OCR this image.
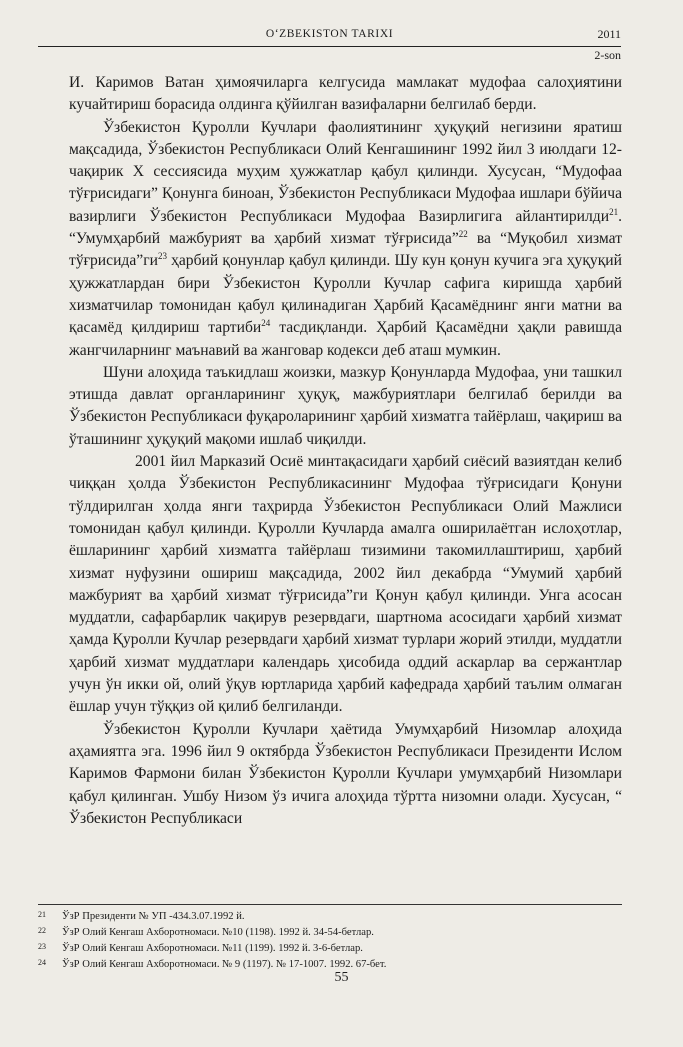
O‘ZBEKISTON TARIXI	2011
2-son

И. Каримов Ватан ҳимоячиларга келгусида мамлакат мудофаа салоҳиятини кучайтириш борасида олдинга қўйилган вазифаларни белгилаб берди.

Ўзбекистон Қуролли Кучлари фаолиятининг ҳуқуқий негизини яратиш мақсадида, Ўзбекистон Республикаси Олий Кенгашининг 1992 йил 3 июлдаги 12-чақирик X сессиясида муҳим ҳужжатлар қабул қилинди. Хусусан, “Мудофаа тўғрисидаги” Қонунга биноан, Ўзбекистон Республикаси Мудофаа ишлари бўйича вазирлиги Ўзбекистон Республикаси Мудофаа Вазирлигига айлантирилди$^{21}$. “Умумҳарбий мажбурият ва ҳарбий хизмат тўғрисида”$^{22}$ ва “Муқобил хизмат $тўғрисида”ги^{23}$ ҳарбий қонунлар қабул қилинди. Шу кун қонун кучига эга ҳуқуқий ҳужжатлардан бири Ўзбекистон Қуролли Кучлар сафига киришда ҳарбий хизматчилар томонидан қабул қилинадиган Ҳарбий Қасамёднинг янги матни ва қасамёд қилдириш тартиби$^{24}$ тасдиқланди. Ҳарбий Қасамёдни ҳақли равишда жангчиларнинг маънавий ва жанговар кодекси деб аташ мумкин.

Шуни алоҳида таъкидлаш жоизки, мазкур Қонунларда Мудофаа, уни ташкил этишда давлат органларининг ҳуқуқ, мажбуриятлари белгилаб берилди ва Ўзбекистон Республикаси фуқароларининг ҳарбий хизматга тайёрлаш, чақириш ва ўташининг ҳуқуқий мақоми ишлаб чиқилди.

2001 йил Марказий Осиё минтақасидаги ҳарбий сиёсий вазиятдан келиб чиққан ҳолда Ўзбекистон Республикасининг Мудофаа тўғрисидаги Қонуни тўлдирилган ҳолда янги таҳрирда Ўзбекистон Республикаси Олий Мажлиси томонидан қабул қилинди. Қуролли Кучларда амалга оширилаётган ислоҳотлар, ёшларининг ҳарбий хизматга тайёрлаш тизимини такомиллаштириш, ҳарбий хизмат нуфузини ошириш мақсадида, 2002 йил декабрда “Умумий ҳарбий мажбурият ва ҳарбий хизмат тўғрисида”ги Қонун қабул қилинди. Унга асосан муддатли, сафарбарлик чақирув резервдаги, шартнома асосидаги ҳарбий хизмат ҳамда Қуролли Кучлар резервдаги ҳарбий хизмат турлари жорий этилди, муддатли ҳарбий хизмат муддатлари календарь ҳисобида оддий аскарлар ва сержантлар учун ўн икки ой, олий ўқув юртларида ҳарбий кафедрада ҳарбий таълим олмаган ёшлар учун тўққиз ой қилиб белгиланди.

Ўзбекистон Қуролли Кучлари ҳаётида Умумҳарбий Низомлар алоҳида аҳамиятга эга. 1996 йил 9 октябрда Ўзбекистон Республикаси Президенти Ислом Каримов Фармони билан Ўзбекистон Қуролли Кучлари умумҳарбий Низомлари қабул қилинган. Ушбу Низом ўз ичига алоҳида тўртта низомни олади. Хусусан, “ Ўзбекистон Республикаси

21	ЎзР Президенти № УП -434.3.07.1992 й.
22	ЎзР Олий Кенгаш Ахборотномаси. №10 (1198). 1992 й. 34-54-бетлар.
23	ЎзР Олий Кенгаш Ахборотномаси. №11 (1199). 1992 й. 3-6-бетлар.
24	ЎзР Олий Кенгаш Ахборотномаси. № 9 (1197). № 17-1007. 1992. 67-бет.
55
